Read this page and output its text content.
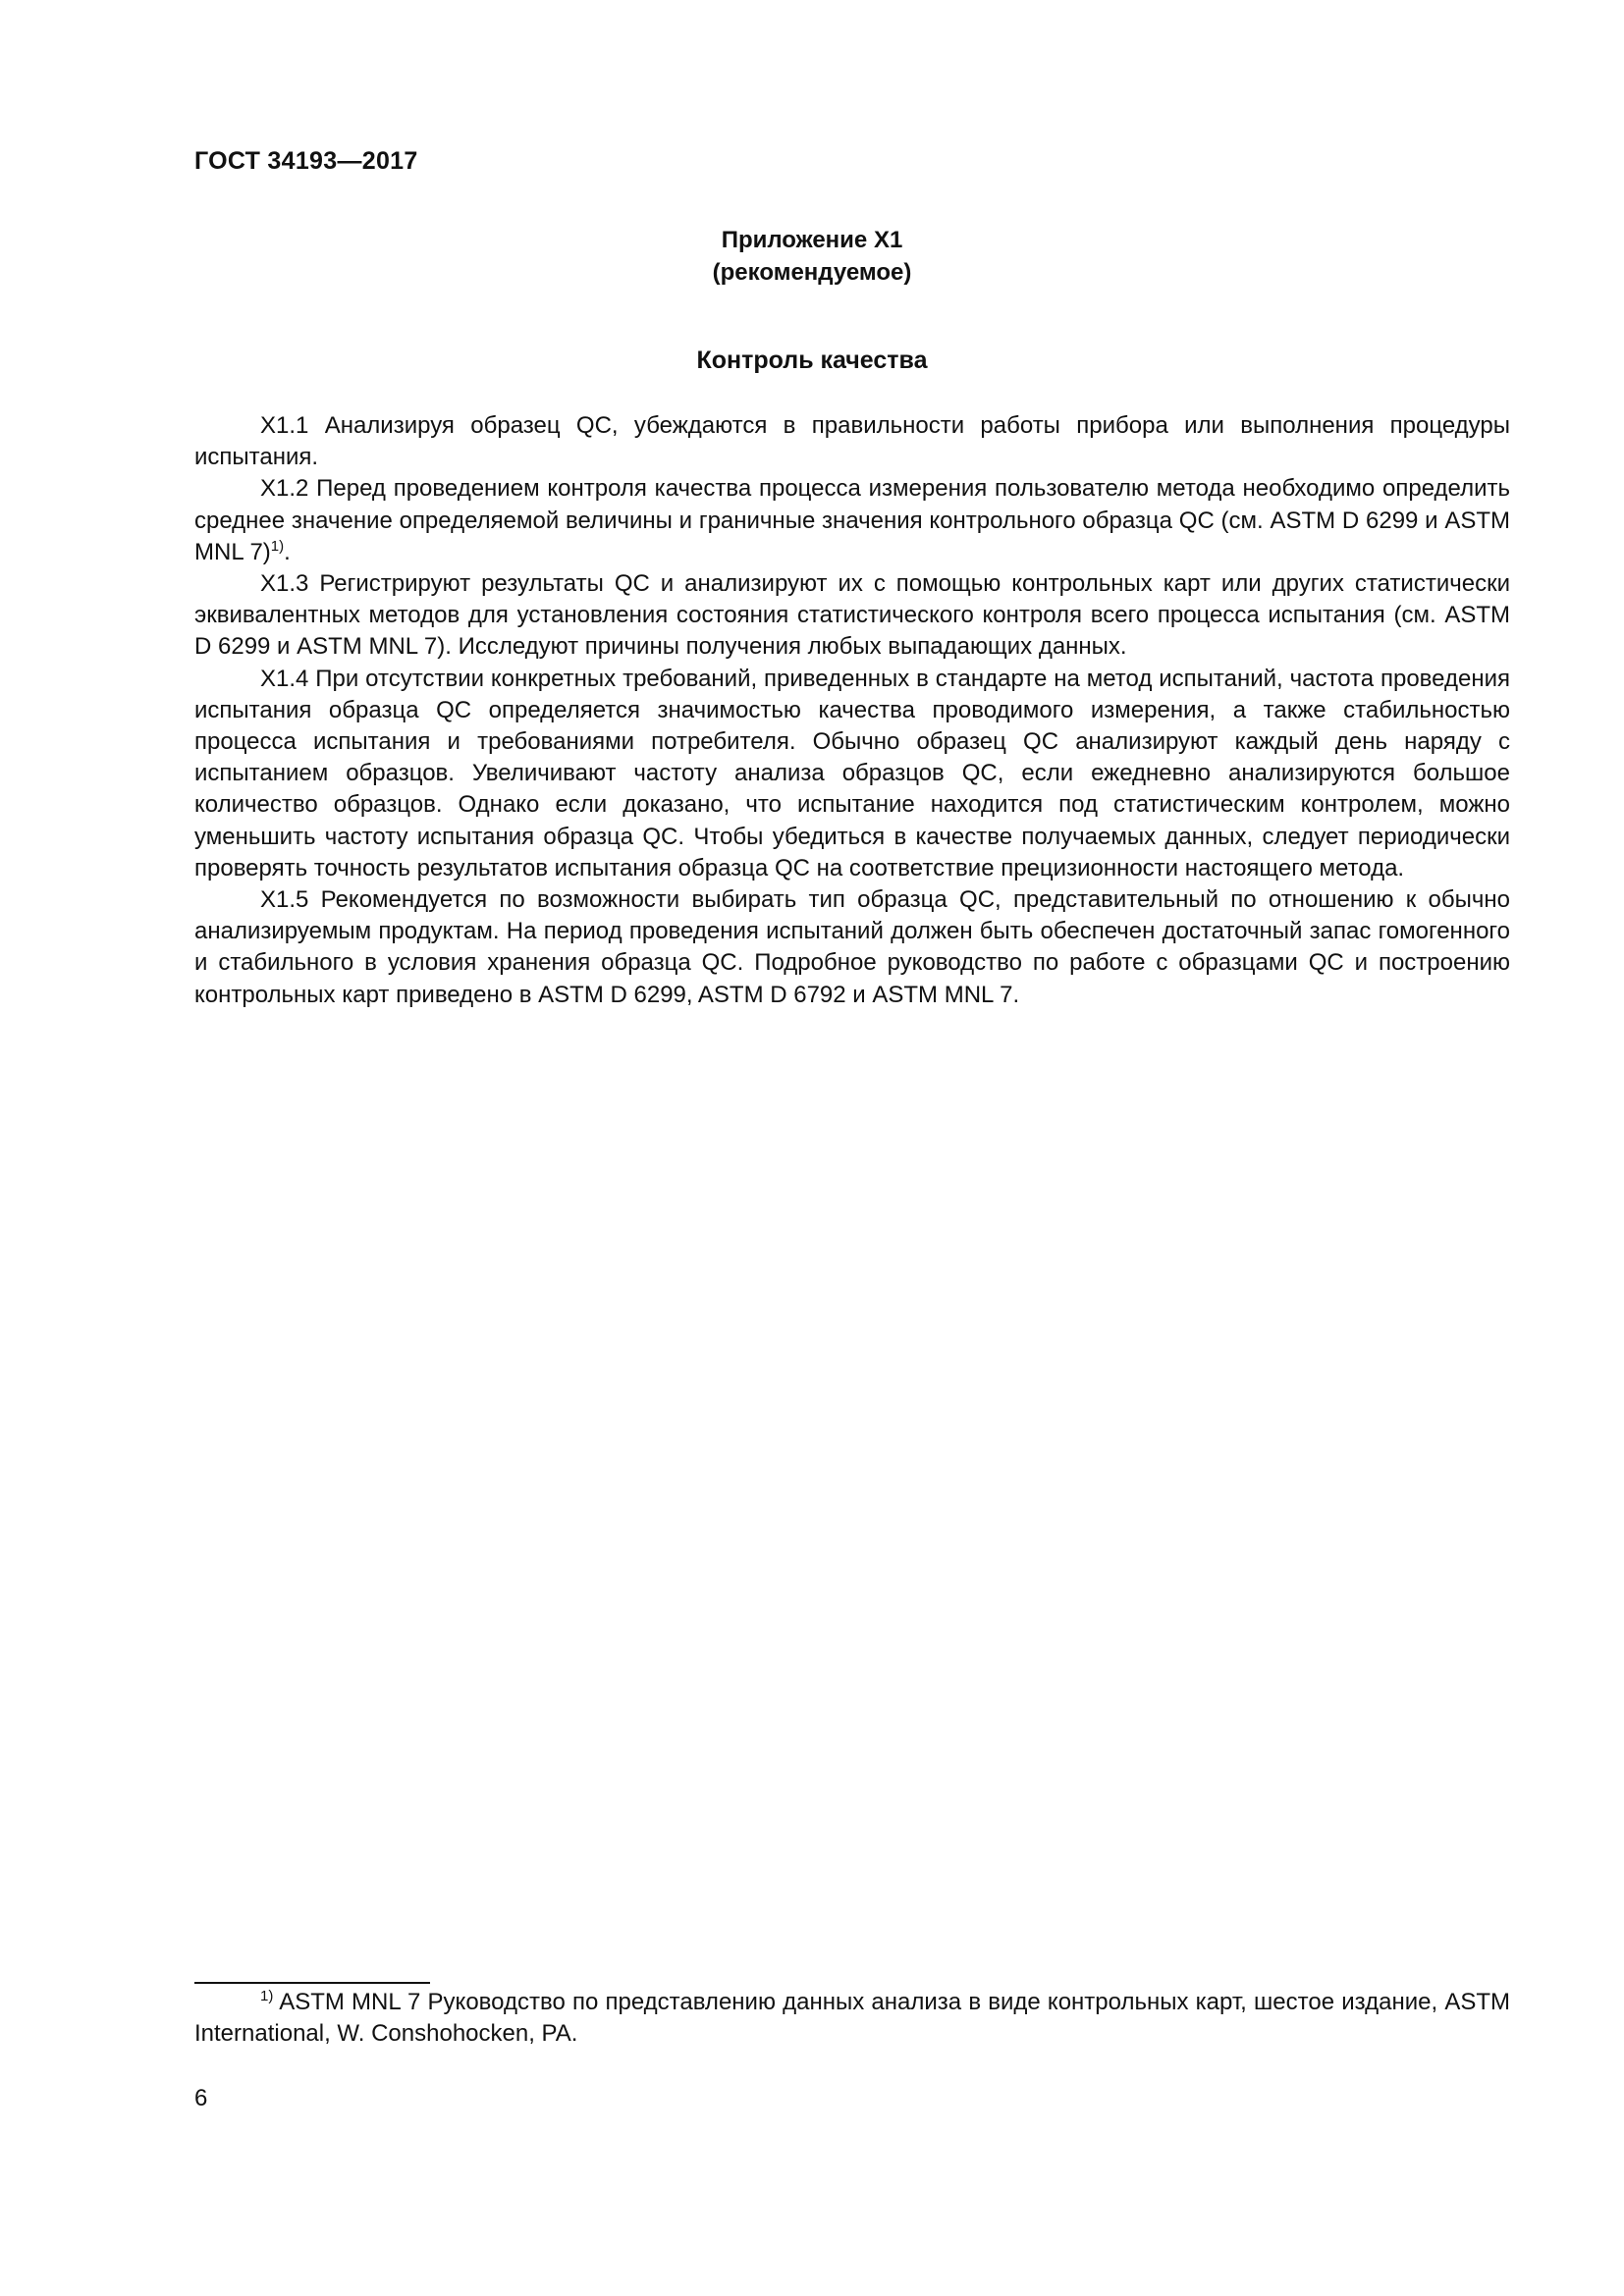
ГОСТ 34193—2017
Приложение X1
(рекомендуемое)
Контроль качества

X1.1 Анализируя образец QC, убеждаются в правильности работы прибора или выполнения процедуры испытания.

X1.2 Перед проведением контроля качества процесса измерения пользователю метода необходимо определить среднее значение определяемой величины и граничные значения контрольного образца QC (см. ASTM D 6299 и ASTM MNL 7)$^{1)}$.

X1.3 Регистрируют результаты QC и анализируют их с помощью контрольных карт или других статистически эквивалентных методов для установления состояния статистического контроля всего процесса испытания (см. ASTM D 6299 и ASTM MNL 7). Исследуют причины получения любых выпадающих данных.

X1.4 При отсутствии конкретных требований, приведенных в стандарте на метод испытаний, частота проведения испытания образца QC определяется значимостью качества проводимого измерения, а также стабильностью процесса испытания и требованиями потребителя. Обычно образец QC анализируют каждый день наряду с испытанием образцов. Увеличивают частоту анализа образцов QC, если ежедневно анализируются большое количество образцов. Однако если доказано, что испытание находится под статистическим контролем, можно уменьшить частоту испытания образца QC. Чтобы убедиться в качестве получаемых данных, следует периодически проверять точность результатов испытания образца QC на соответствие прецизионности настоящего метода.

X1.5 Рекомендуется по возможности выбирать тип образца QC, представительный по отношению к обычно анализируемым продуктам. На период проведения испытаний должен быть обеспечен достаточный запас гомогенного и стабильного в условия хранения образца QC. Подробное руководство по работе с образцами QC и построению контрольных карт приведено в ASTM D 6299, ASTM D 6792 и ASTM MNL 7.

$^{1)}$ ASTM MNL 7 Руководство по представлению данных анализа в виде контрольных карт, шестое издание, ASTM International, W. Conshohocken, PA.

6
